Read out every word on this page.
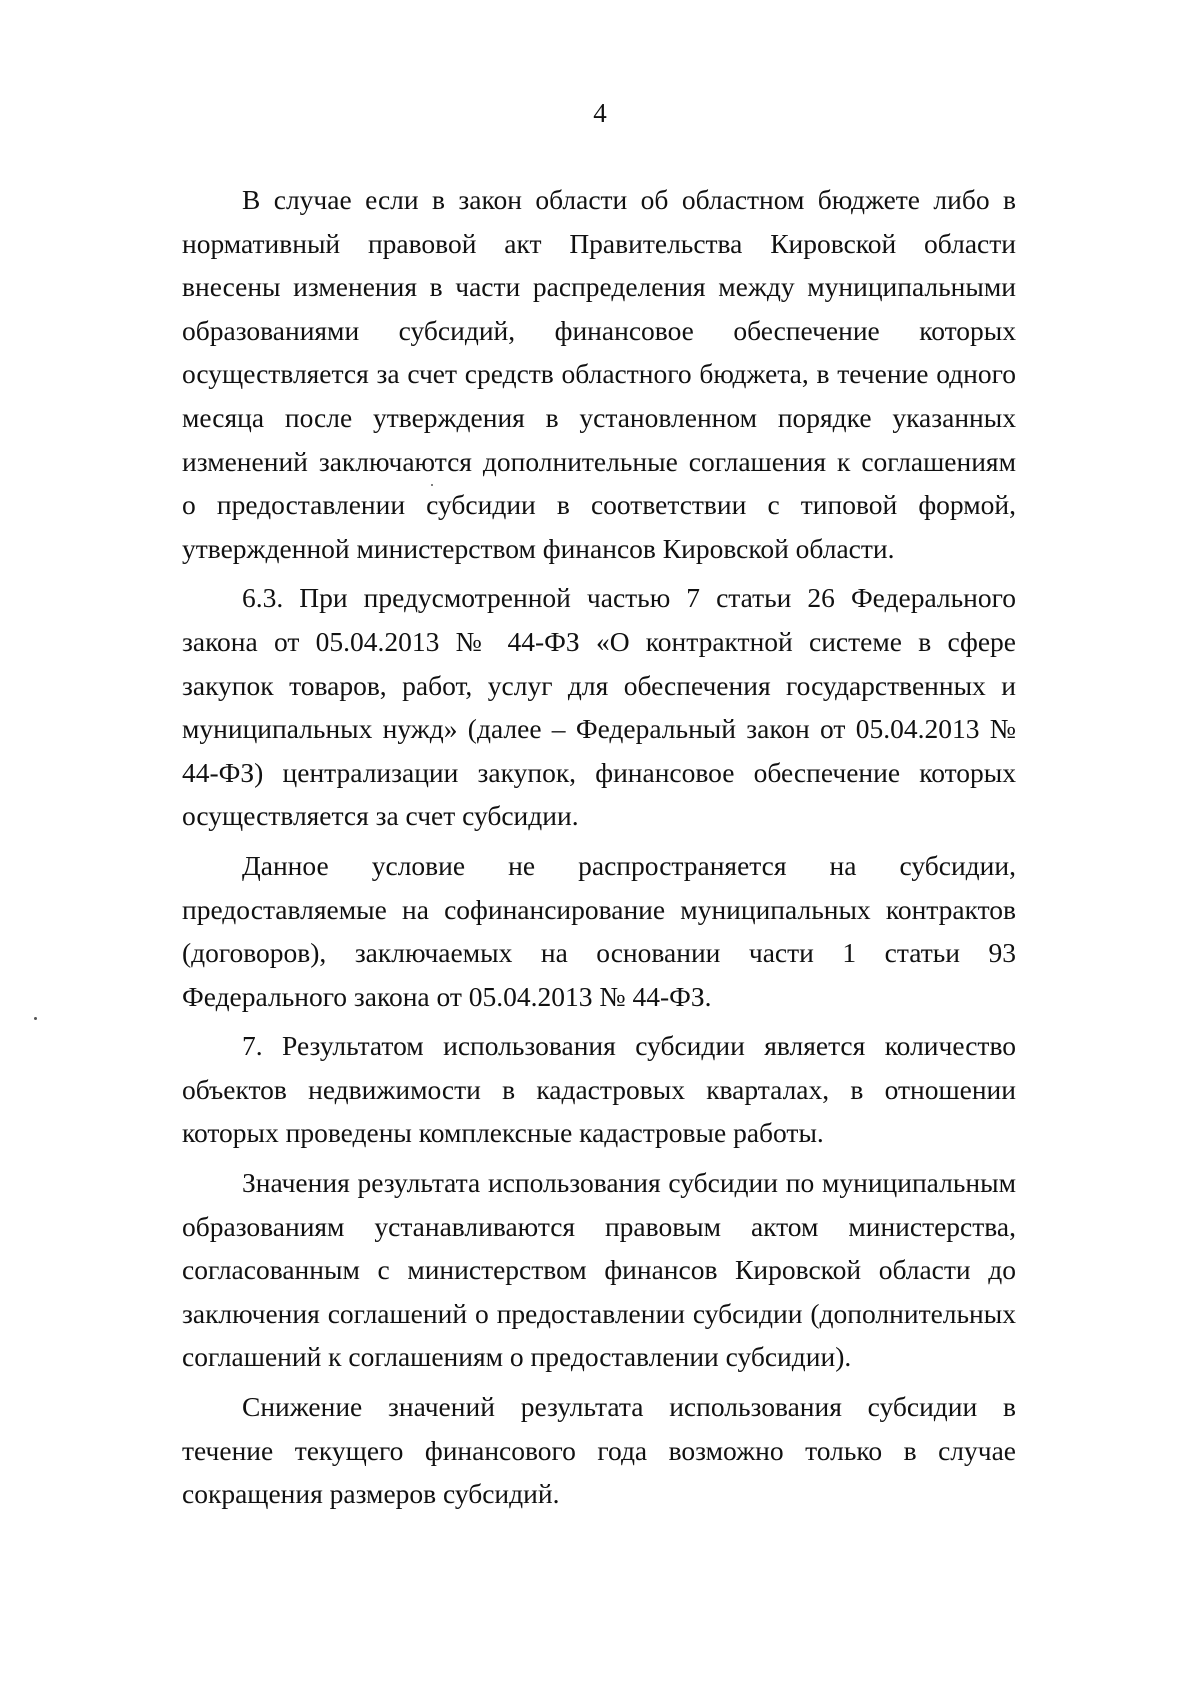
4

В случае если в закон области об областном бюджете либо в нормативный правовой акт Правительства Кировской области внесены изменения в части распределения между муниципальными образованиями субсидий, финансовое обеспечение которых осуществляется за счет средств областного бюджета, в течение одного месяца после утверждения в установленном порядке указанных изменений заключаются дополнительные соглашения к соглашениям о предоставлении субсидии в соответствии с типовой формой, утвержденной министерством финансов Кировской области.

6.3. При предусмотренной частью 7 статьи 26 Федерального закона от 05.04.2013 № 44-ФЗ «О контрактной системе в сфере закупок товаров, работ, услуг для обеспечения государственных и муниципальных нужд» (далее – Федеральный закон от 05.04.2013 № 44-ФЗ) централизации закупок, финансовое обеспечение которых осуществляется за счет субсидии.

Данное условие не распространяется на субсидии, предоставляемые на софинансирование муниципальных контрактов (договоров), заключаемых на основании части 1 статьи 93 Федерального закона от 05.04.2013 № 44-ФЗ.

7. Результатом использования субсидии является количество объектов недвижимости в кадастровых кварталах, в отношении которых проведены комплексные кадастровые работы.

Значения результата использования субсидии по муниципальным образованиям устанавливаются правовым актом министерства, согласованным с министерством финансов Кировской области до заключения соглашений о предоставлении субсидии (дополнительных соглашений к соглашениям о предоставлении субсидии).

Снижение значений результата использования субсидии в течение текущего финансового года возможно только в случае сокращения размеров субсидий.
